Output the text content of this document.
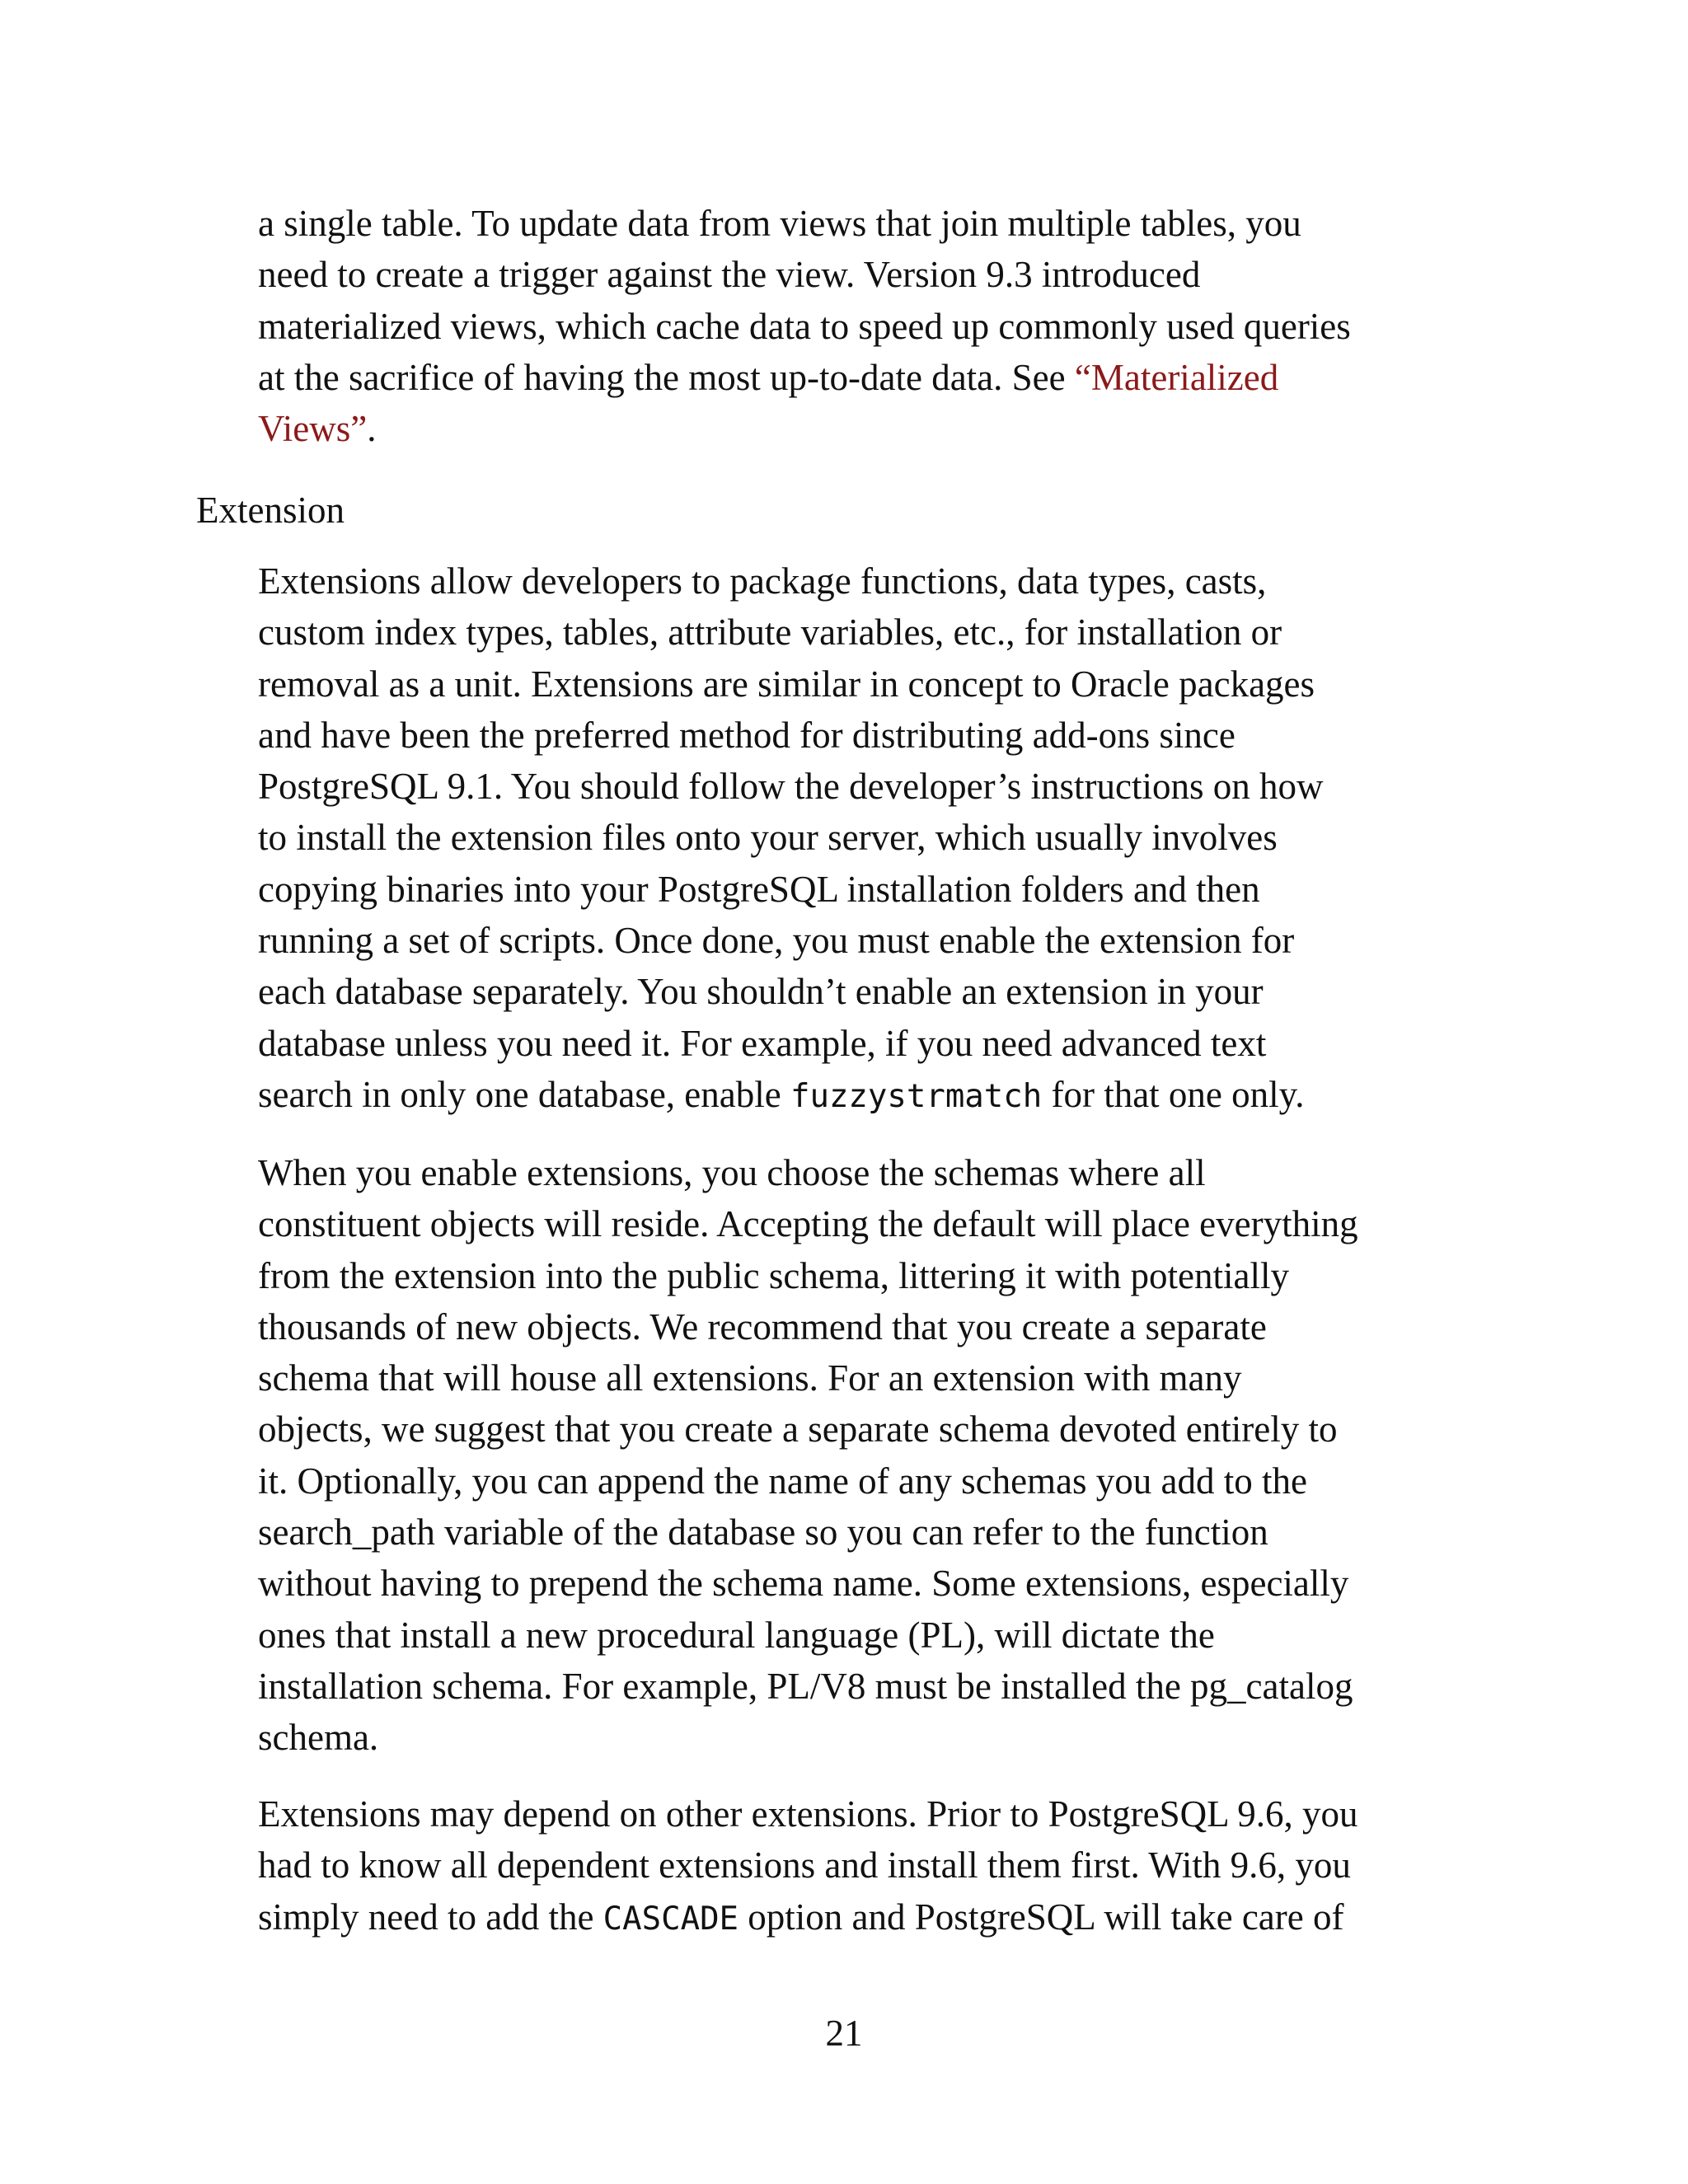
a single table. To update data from views that join multiple tables, you
need to create a trigger against the view. Version 9.3 introduced
materialized views, which cache data to speed up commonly used queries
at the sacrifice of having the most up-to-date data. See “Materialized
Views”.

Extension

Extensions allow developers to package functions, data types, casts,
custom index types, tables, attribute variables, etc., for installation or
removal as a unit. Extensions are similar in concept to Oracle packages
and have been the preferred method for distributing add-ons since
PostgreSQL 9.1. You should follow the developer’s instructions on how
to install the extension files onto your server, which usually involves
copying binaries into your PostgreSQL installation folders and then
running a set of scripts. Once done, you must enable the extension for
each database separately. You shouldn’t enable an extension in your
database unless you need it. For example, if you need advanced text
search in only one database, enable fuzzystrmatch for that one only.

When you enable extensions, you choose the schemas where all
constituent objects will reside. Accepting the default will place everything
from the extension into the public schema, littering it with potentially
thousands of new objects. We recommend that you create a separate
schema that will house all extensions. For an extension with many
objects, we suggest that you create a separate schema devoted entirely to
it. Optionally, you can append the name of any schemas you add to the
search_path variable of the database so you can refer to the function
without having to prepend the schema name. Some extensions, especially
ones that install a new procedural language (PL), will dictate the
installation schema. For example, PL/V8 must be installed the pg_catalog
schema.

Extensions may depend on other extensions. Prior to PostgreSQL 9.6, you
had to know all dependent extensions and install them first. With 9.6, you
simply need to add the CASCADE option and PostgreSQL will take care of

21
